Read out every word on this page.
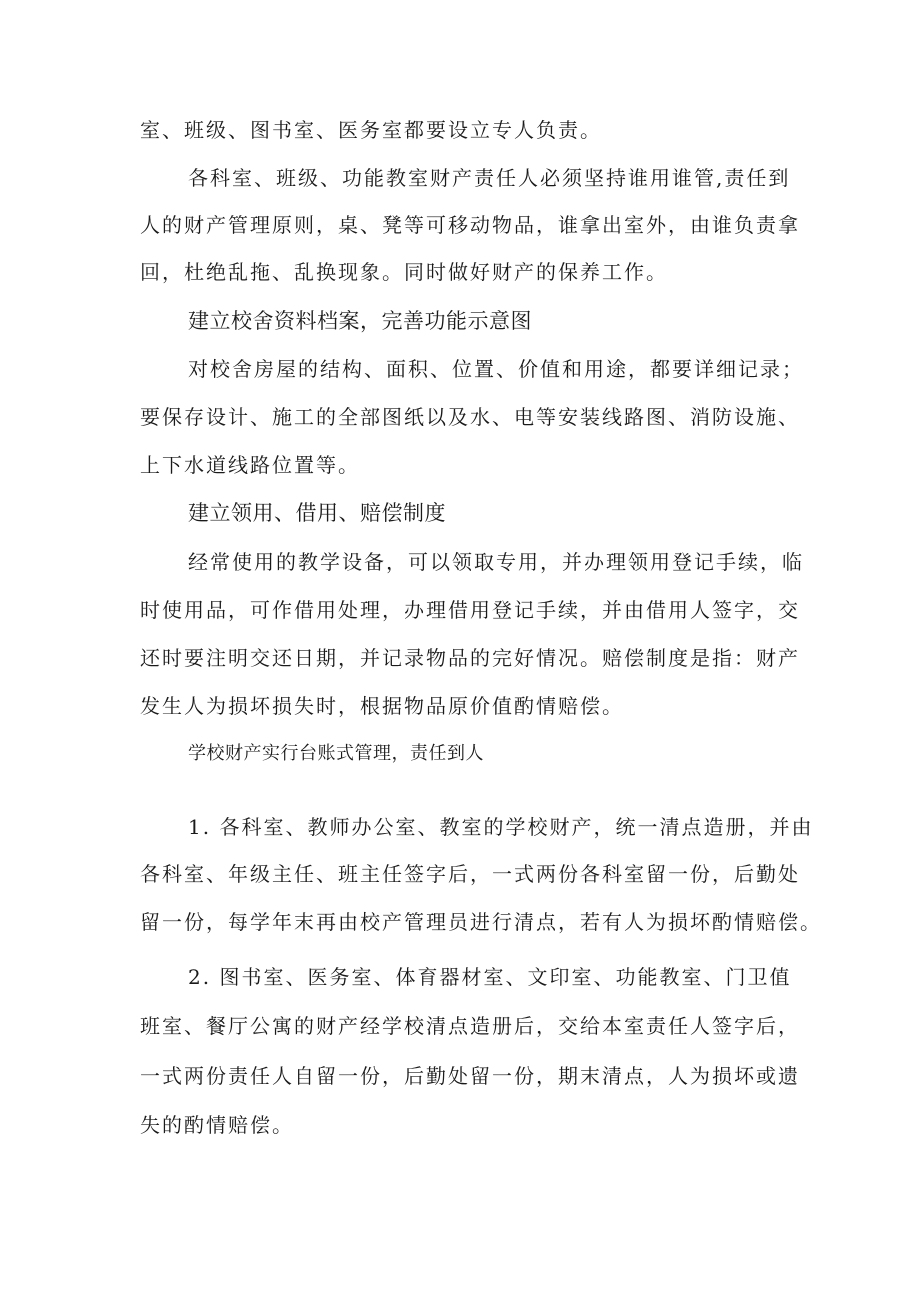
室、班级、图书室、医务室都要设立专人负责。
各科室、班级、功能教室财产责任人必须坚持谁用谁管,责任到
人的财产管理原则，桌、凳等可移动物品，谁拿出室外，由谁负责拿
回，杜绝乱拖、乱换现象。同时做好财产的保养工作。
建立校舍资料档案，完善功能示意图
对校舍房屋的结构、面积、位置、价值和用途，都要详细记录；
要保存设计、施工的全部图纸以及水、电等安装线路图、消防设施、
上下水道线路位置等。
建立领用、借用、赔偿制度
经常使用的教学设备，可以领取专用，并办理领用登记手续，临
时使用品，可作借用处理，办理借用登记手续，并由借用人签字，交
还时要注明交还日期，并记录物品的完好情况。赔偿制度是指：财产
发生人为损坏损失时，根据物品原价值酌情赔偿。
学校财产实行台账式管理，责任到人
1. 各科室、教师办公室、教室的学校财产，统一清点造册，并由
各科室、年级主任、班主任签字后，一式两份各科室留一份，后勤处
留一份，每学年末再由校产管理员进行清点，若有人为损坏酌情赔偿。
2. 图书室、医务室、体育器材室、文印室、功能教室、门卫值
班室、餐厅公寓的财产经学校清点造册后，交给本室责任人签字后，
一式两份责任人自留一份，后勤处留一份，期末清点，人为损坏或遗
失的酌情赔偿。
